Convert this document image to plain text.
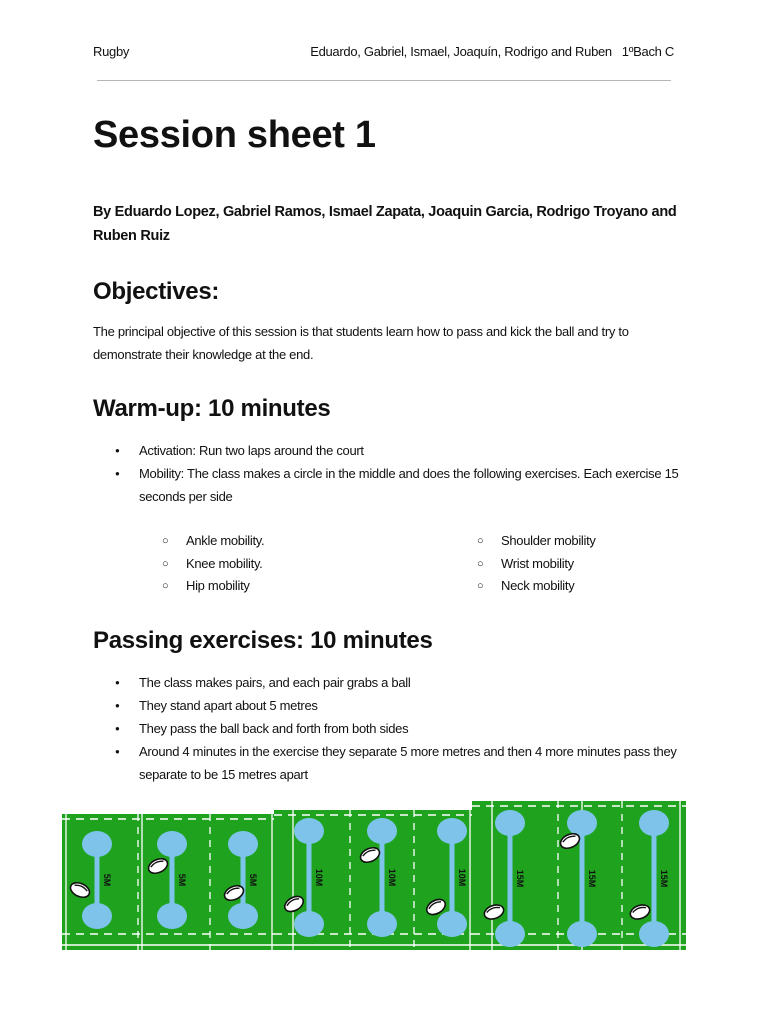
Rugby	Eduardo, Gabriel, Ismael, Joaquín, Rodrigo and Ruben   1ºBach C
Session sheet 1

By Eduardo Lopez, Gabriel Ramos, Ismael Zapata, Joaquin Garcia, Rodrigo Troyano and Ruben Ruiz

Objectives:

The principal objective of this session is that students learn how to pass and kick the ball and try to demonstrate their knowledge at the end.

Warm-up: 10 minutes
● Activation: Run two laps around the court
● Mobility: The class makes a circle in the middle and does the following exercises. Each exercise 15 seconds per side
○ Ankle mobility.
○ Knee mobility.
○ Hip mobility
○ Shoulder mobility
○ Wrist mobility
○ Neck mobility
Passing exercises: 10 minutes
● The class makes pairs, and each pair grabs a ball
● They stand apart about 5 metres
● They pass the ball back and forth from both sides
● Around 4 minutes in the exercise they separate 5 more metres and then 4 more minutes pass they separate to be 15 metres apart
5M	5M	5M	10M	10M	10M	15M	15M	15M
